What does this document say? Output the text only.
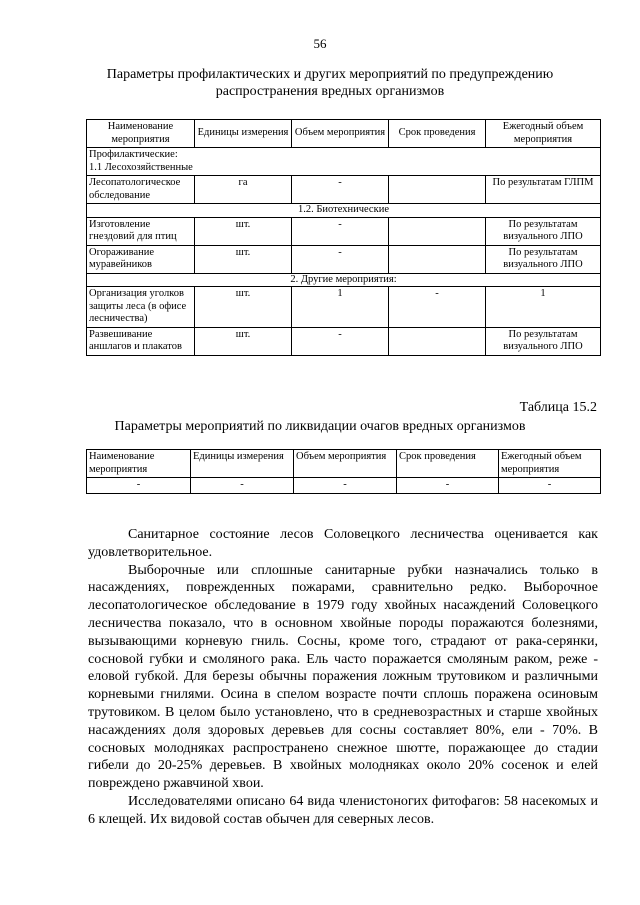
56
Параметры профилактических и других мероприятий по предупреждению распространения вредных организмов
Наименование мероприятия	Единицы измерения	Объем мероприятия	Срок проведения	Ежегодный объем мероприятия

Профилактические:
1.1 Лесохозяйственные				

Лесопатологическое обследование	га	-		По результатам ГЛПМ
1.2. Биотехнические				
Изготовление гнездовий для птиц	шт.	-		По результатам визуального ЛПО
Огораживание муравейников	шт.	-		По результатам визуального ЛПО
2. Другие мероприятия:				
Организация уголков защиты леса (в офисе лесничества)	шт.	1	-	1
Развешивание аншлагов и плакатов	шт.	-		По результатам визуального ЛПО
Таблица 15.2
Параметры мероприятий по ликвидации очагов вредных организмов
Наименование мероприятия	Единицы измерения	Объем мероприятия	Срок проведения	Ежегодный объем мероприятия
-	-	-	-	-

Санитарное состояние лесов Соловецкого лесничества оценивается как удовлетворительное.

Выборочные или сплошные санитарные рубки назначались только в насаждениях, поврежденных пожарами, сравнительно редко. Выборочное лесопатологическое обследование в 1979 году хвойных насаждений Соловецкого лесничества показало, что в основном хвойные породы поражаются болезнями, вызывающими корневую гниль. Сосны, кроме того, страдают от рака-серянки, сосновой губки и смоляного рака. Ель часто поражается смоляным раком, реже - еловой губкой. Для березы обычны поражения ложным трутовиком и различными корневыми гнилями. Осина в спелом возрасте почти сплошь поражена осиновым трутовиком. В целом было установлено, что в средневозрастных и старше хвойных насаждениях доля здоровых деревьев для сосны составляет 80%, ели - 70%. В сосновых молодняках распространено снежное шютте, поражающее до стадии гибели до 20-25% деревьев. В хвойных молодняках около 20% сосенок и елей повреждено ржавчиной хвои.

Исследователями описано 64 вида членистоногих фитофагов: 58 насекомых и 6 клещей. Их видовой состав обычен для северных лесов.
